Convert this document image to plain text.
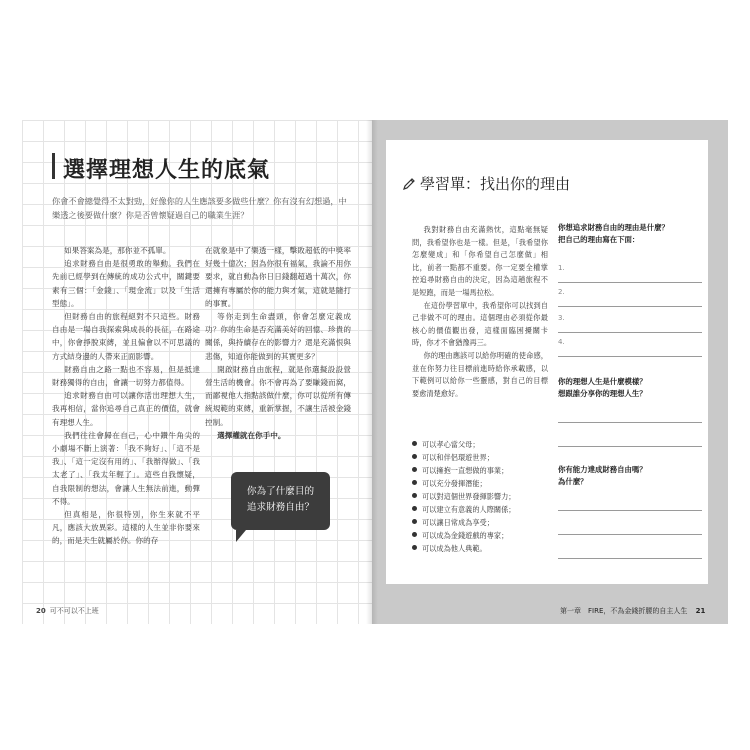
選擇理想人生的底氣
你會不會總覺得不太對勁，好像你的人生應該要多做些什麼？你有沒有幻想過，中樂透之後要做什麼？你是否曾懷疑過自己的職業生涯？

如果答案為是，那你並不孤單。

追求財務自由是很勇敢的舉動。我們在先前已經學到在傳統的成功公式中，關鍵要素有三個：「金錢」、「現金流」以及「生活型態」。

但財務自由的旅程絕對不只這些。財務自由是一場自我探索與成長的長征，在路途中，你會掙脫束縛，並且偏會以不可思議的方式結身邊的人帶來正面影響。

財務自由之路一點也不容易，但是抵達財務獨得的自由，會讓一切努力都值得。

追求財務自由可以讓你活出理想人生，我再相信，當你追尋自己真正的價值，就會有理想人生。

我們往往會歸在自己，心中鑽牛角尖的小劇場不斷上演著：「我不夠好」、「這不是我」、「這一定沒有用的」、「我辦得做」、「我太老了」、「我太年輕了」。這些自我懷疑，自我限制的想法，會讓人生無法前進，動彈不得。

但真相是，你很特別，你生來就不平凡，應該大放異彩。這樣的人生並非你要來的，而是天生就屬於你。你的存

在就象是中了樂透一樣，擊敗超低的中獎率好幾十億次；因為你很有福氣，我論不用你要求，就自動為你日日錢翻超過十萬次，你還擁有專屬於你的能力與才氣，這就是隨打的事實。

等你走到生命盡頭，你會怎麼定義成功？你的生命是否充滿美好的回憶、珍貴的關係，與持續存在的影響力？還是充滿恨與悲傷，知道你能做到的其實更多？

開啟財務自由旅程，就是你選擬設設營營生活的機會。你不會再為了要賺錢而窩，而鄙視他人指點該做什麼，你可以從所有傳統規範的束縛，重新掌握，不讓生活被金錢控制。

選擇權就在你手中。

你為了什麼目的
追求財務自由？
20 可不可以不上班
學習單：找出你的理由

我對財務自由充滿熱忱，這點毫無疑問，我希望你也是一樣。但是，「我希望你怎麼變成」和「你希望自己怎麼做」相比，前者一點都不重要。你一定要全權掌控追尋財務自由的決定，因為這趟旅程不是短跑，而是一場馬拉松。

在這份學習單中，我希望你可以找到自己非做不可的理由。這個理由必須從你最核心的價值觀出發，這樣面臨困擾關卡時，你才不會猶豫再三。

你的理由應該可以給你明確的使命感，並在你努力往目標前進時給你承載感，以下範例可以給你一些靈感，對自己的目標要愈清楚愈好。

可以孝心當父母；
可以和伴侶環遊世界；
可以擁抱一直想做的事業；
可以充分發揮潛能；
可以對這個世界發揮影響力；
可以建立有意義的人際關係；
可以讓日常成為享受；
可以成為金錢遊戲的專家；
可以成為他人典範。
你想追求財務自由的理由是什麼？
把自己的理由寫在下面：
1.
2.
3.
4.
你的理想人生是什麼模樣？
想跟誰分享你的理想人生？
你有能力達成財務自由嗎？
為什麼？
第一章　FIRE，不為金錢折腰的自主人生 21
